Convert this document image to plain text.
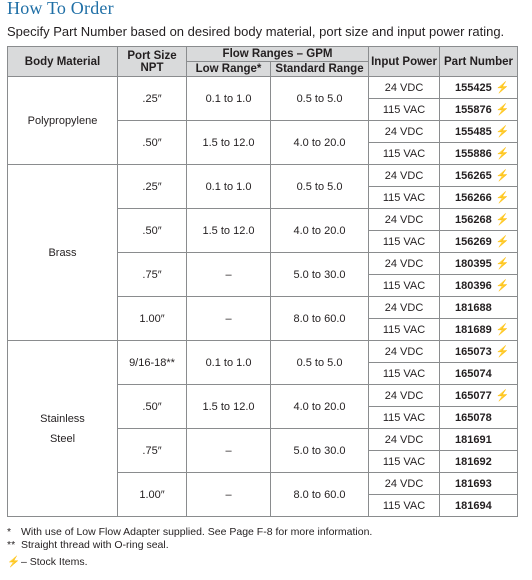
How To Order
Specify Part Number based on desired body material, port size and input power rating.
Body Material	Port Size NPT	Flow Ranges – GPM		Input Power	Part Number
		Low Range*	Standard Range		

Polypropylene	.25″	0.1 to 1.0	0.5 to 5.0	24 VDC	155425 ⚡
				115 VAC	155876 ⚡
	.50″	1.5 to 12.0	4.0 to 20.0	24 VDC	155485 ⚡
				115 VAC	155886 ⚡

Brass	.25″	0.1 to 1.0	0.5 to 5.0	24 VDC	156265 ⚡
				115 VAC	156266 ⚡
	.50″	1.5 to 12.0	4.0 to 20.0	24 VDC	156268 ⚡
				115 VAC	156269 ⚡
	.75″	–	5.0 to 30.0	24 VDC	180395 ⚡
				115 VAC	180396 ⚡
	1.00″	–	8.0 to 60.0	24 VDC	181688
				115 VAC	181689 ⚡

Stainless
Steel	9/16-18**	0.1 to 1.0	0.5 to 5.0	24 VDC	165073 ⚡
				115 VAC	165074
	.50″	1.5 to 12.0	4.0 to 20.0	24 VDC	165077 ⚡
				115 VAC	165078
	.75″	–	5.0 to 30.0	24 VDC	181691
				115 VAC	181692
	1.00″	–	8.0 to 60.0	24 VDC	181693
				115 VAC	181694
* With use of Low Flow Adapter supplied. See Page F-8 for more information.
** Straight thread with O-ring seal.
⚡– Stock Items.
